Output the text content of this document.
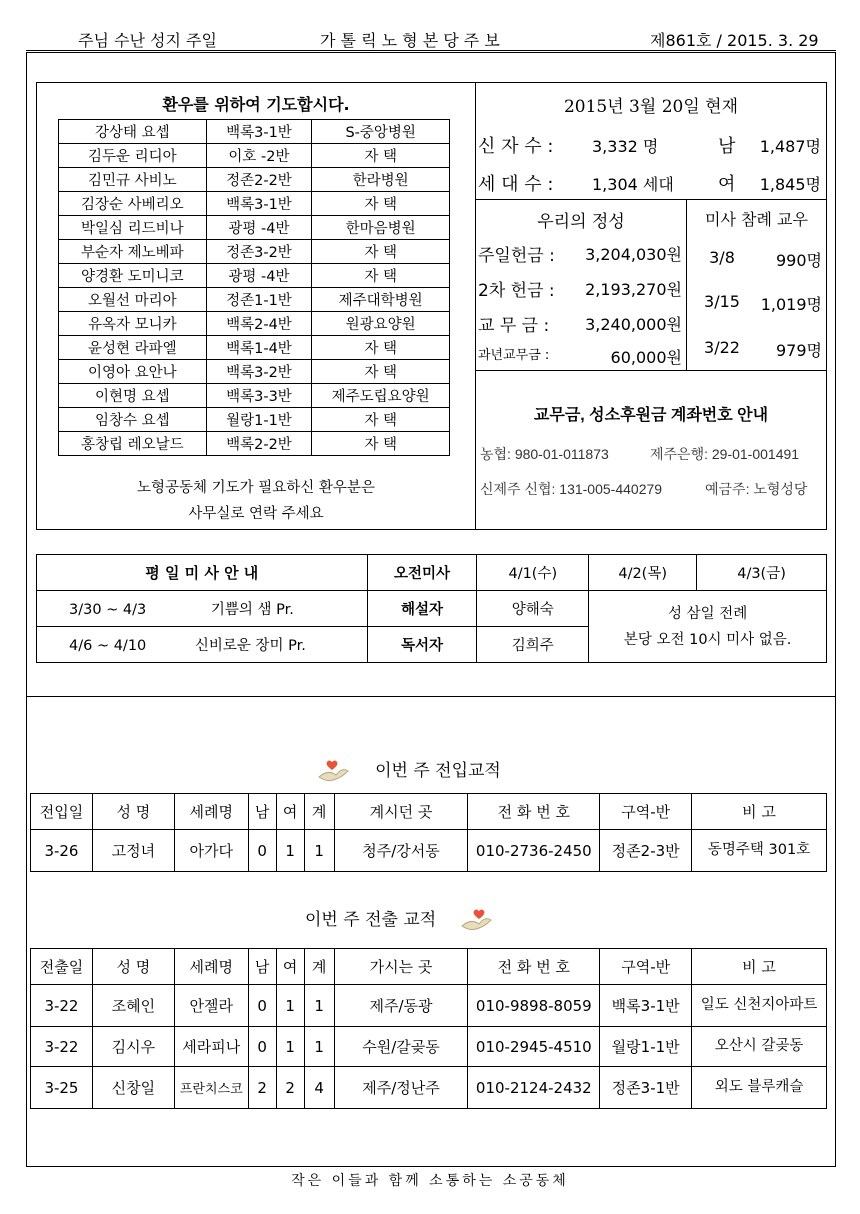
주님 수난 성지 주일	가 톨 릭 노 형 본 당 주 보	제861호 / 2015. 3. 29
환우를 위하여 기도합시다.
강상태 요셉	백록3-1반	S-중앙병원
김두운 리디아	이호 -2반	자 택
김민규 사비노	정존2-2반	한라병원
김장순 사베리오	백록3-1반	자 택
박일심 리드비나	광평 -4반	한마음병원
부순자 제노베파	정존3-2반	자 택
양경환 도미니코	광평 -4반	자 택
오월선 마리아	정존1-1반	제주대학병원
유옥자 모니카	백록2-4반	원광요양원
윤성현 라파엘	백록1-4반	자 택
이영아 요안나	백록3-2반	자 택
이현명 요셉	백록3-3반	제주도립요양원
임창수 요셉	월랑1-1반	자 택
홍창립 레오날드	백록2-2반	자 택
노형공동체 기도가 필요하신 환우분은
사무실로 연락 주세요
2015년 3월 20일 현재
신 자 수 : 3,332 명	남	1,487명
세 대 수 : 1,304 세대 여	1,845명
우리의 정성
주일헌금 :	3,204,030원
2차 헌금 :	2,193,270원
교 무 금 :	3,240,000원
과년교무금 :	60,000원
미사 참례 교우
3/8	990명
3/15	1,019명
3/22	979명
교무금, 성소후원금 계좌번호 안내
농협: 980-01-011873	제주은행: 29-01-001491
신제주 신협: 131-005-440279	예금주: 노형성당
평 일 미 사 안 내	오전미사	4/1(수)	4/2(목)	4/3(금)
3/30 ~ 4/3 기쁨의 샘 Pr.	해설자	양해숙	성 삼일 전례
본당 오전 10시 미사 없음.	

4/6 ~ 4/10 신비로운 장미 Pr.	독서자	김희주		
이번 주 전입교적
전입일	성 명	세례명	남	여	계	계시던 곳	전 화 번 호	구역-반	비 고
3-26	고정녀	아가다	0	1	1	청주/강서동	010-2736-2450	정존2-3반	동명주택 301호
이번 주 전출 교적
전출일	성 명	세례명	남	여	계	가시는 곳	전 화 번 호	구역-반	비 고
3-22	조혜인	안젤라	0	1	1	제주/동광	010-9898-8059	백록3-1반	일도 신천지아파트
3-22	김시우	세라피나	0	1	1	수원/갈곶동	010-2945-4510	월랑1-1반	오산시 갈곶동
3-25	신창일	프란치스코	2	2	4	제주/정난주	010-2124-2432	정존3-1반	외도 블루캐슬
작은 이들과 함께 소통하는 소공동체
